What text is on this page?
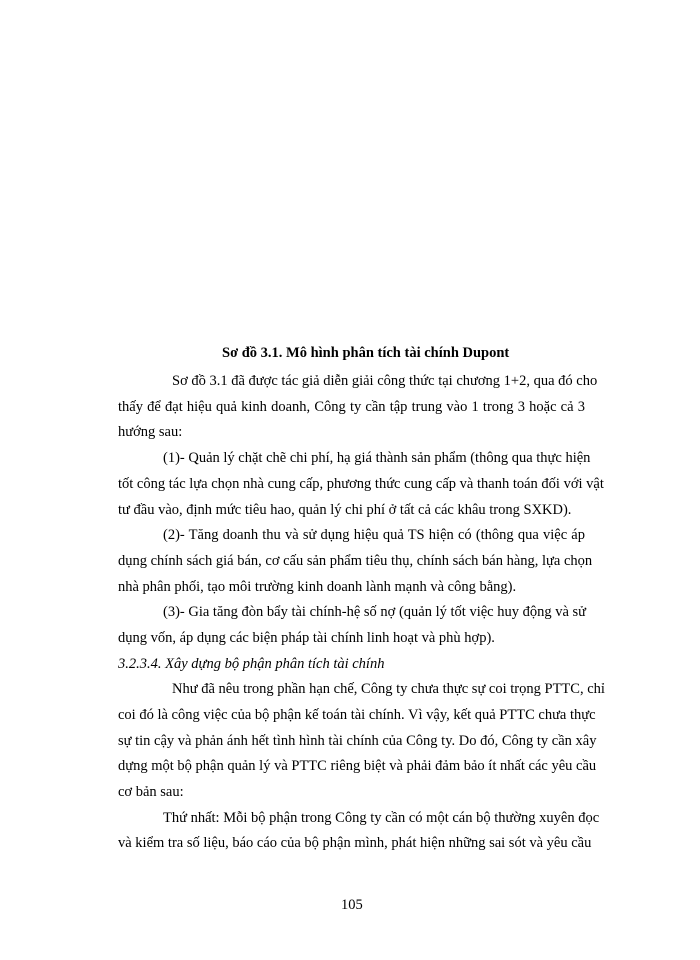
Sơ đồ 3.1. Mô hình phân tích tài chính Dupont
Sơ đồ 3.1 đã được tác giả diễn giải công thức tại chương 1+2, qua đó cho
thấy để đạt hiệu quả kinh doanh, Công ty cần tập trung vào 1 trong 3 hoặc cả 3
hướng sau:
(1)- Quản lý chặt chẽ chi phí, hạ giá thành sản phẩm (thông qua thực hiện
tốt công tác lựa chọn nhà cung cấp, phương thức cung cấp và thanh toán đối với vật
tư đầu vào, định mức tiêu hao, quản lý chi phí ở tất cả các khâu trong SXKD).
(2)- Tăng doanh thu và sử dụng hiệu quả TS hiện có (thông qua việc áp
dụng chính sách giá bán, cơ cấu sản phẩm tiêu thụ, chính sách bán hàng, lựa chọn
nhà phân phối, tạo môi trường kinh doanh lành mạnh và công bằng).
(3)- Gia tăng đòn bẩy tài chính-hệ số nợ (quản lý tốt việc huy động và sử
dụng vốn, áp dụng các biện pháp tài chính linh hoạt và phù hợp).
3.2.3.4. Xây dựng bộ phận phân tích tài chính
Như đã nêu trong phần hạn chế, Công ty chưa thực sự coi trọng PTTC, chỉ
coi đó là công việc của bộ phận kế toán tài chính. Vì vậy, kết quả PTTC chưa thực
sự tin cậy và phản ánh hết tình hình tài chính của Công ty. Do đó, Công ty cần xây
dựng một bộ phận quản lý và PTTC riêng biệt và phải đảm bảo ít nhất các yêu cầu
cơ bản sau:
Thứ nhất: Mỗi bộ phận trong Công ty cần có một cán bộ thường xuyên đọc
và kiểm tra số liệu, báo cáo của bộ phận mình, phát hiện những sai sót và yêu cầu
105
